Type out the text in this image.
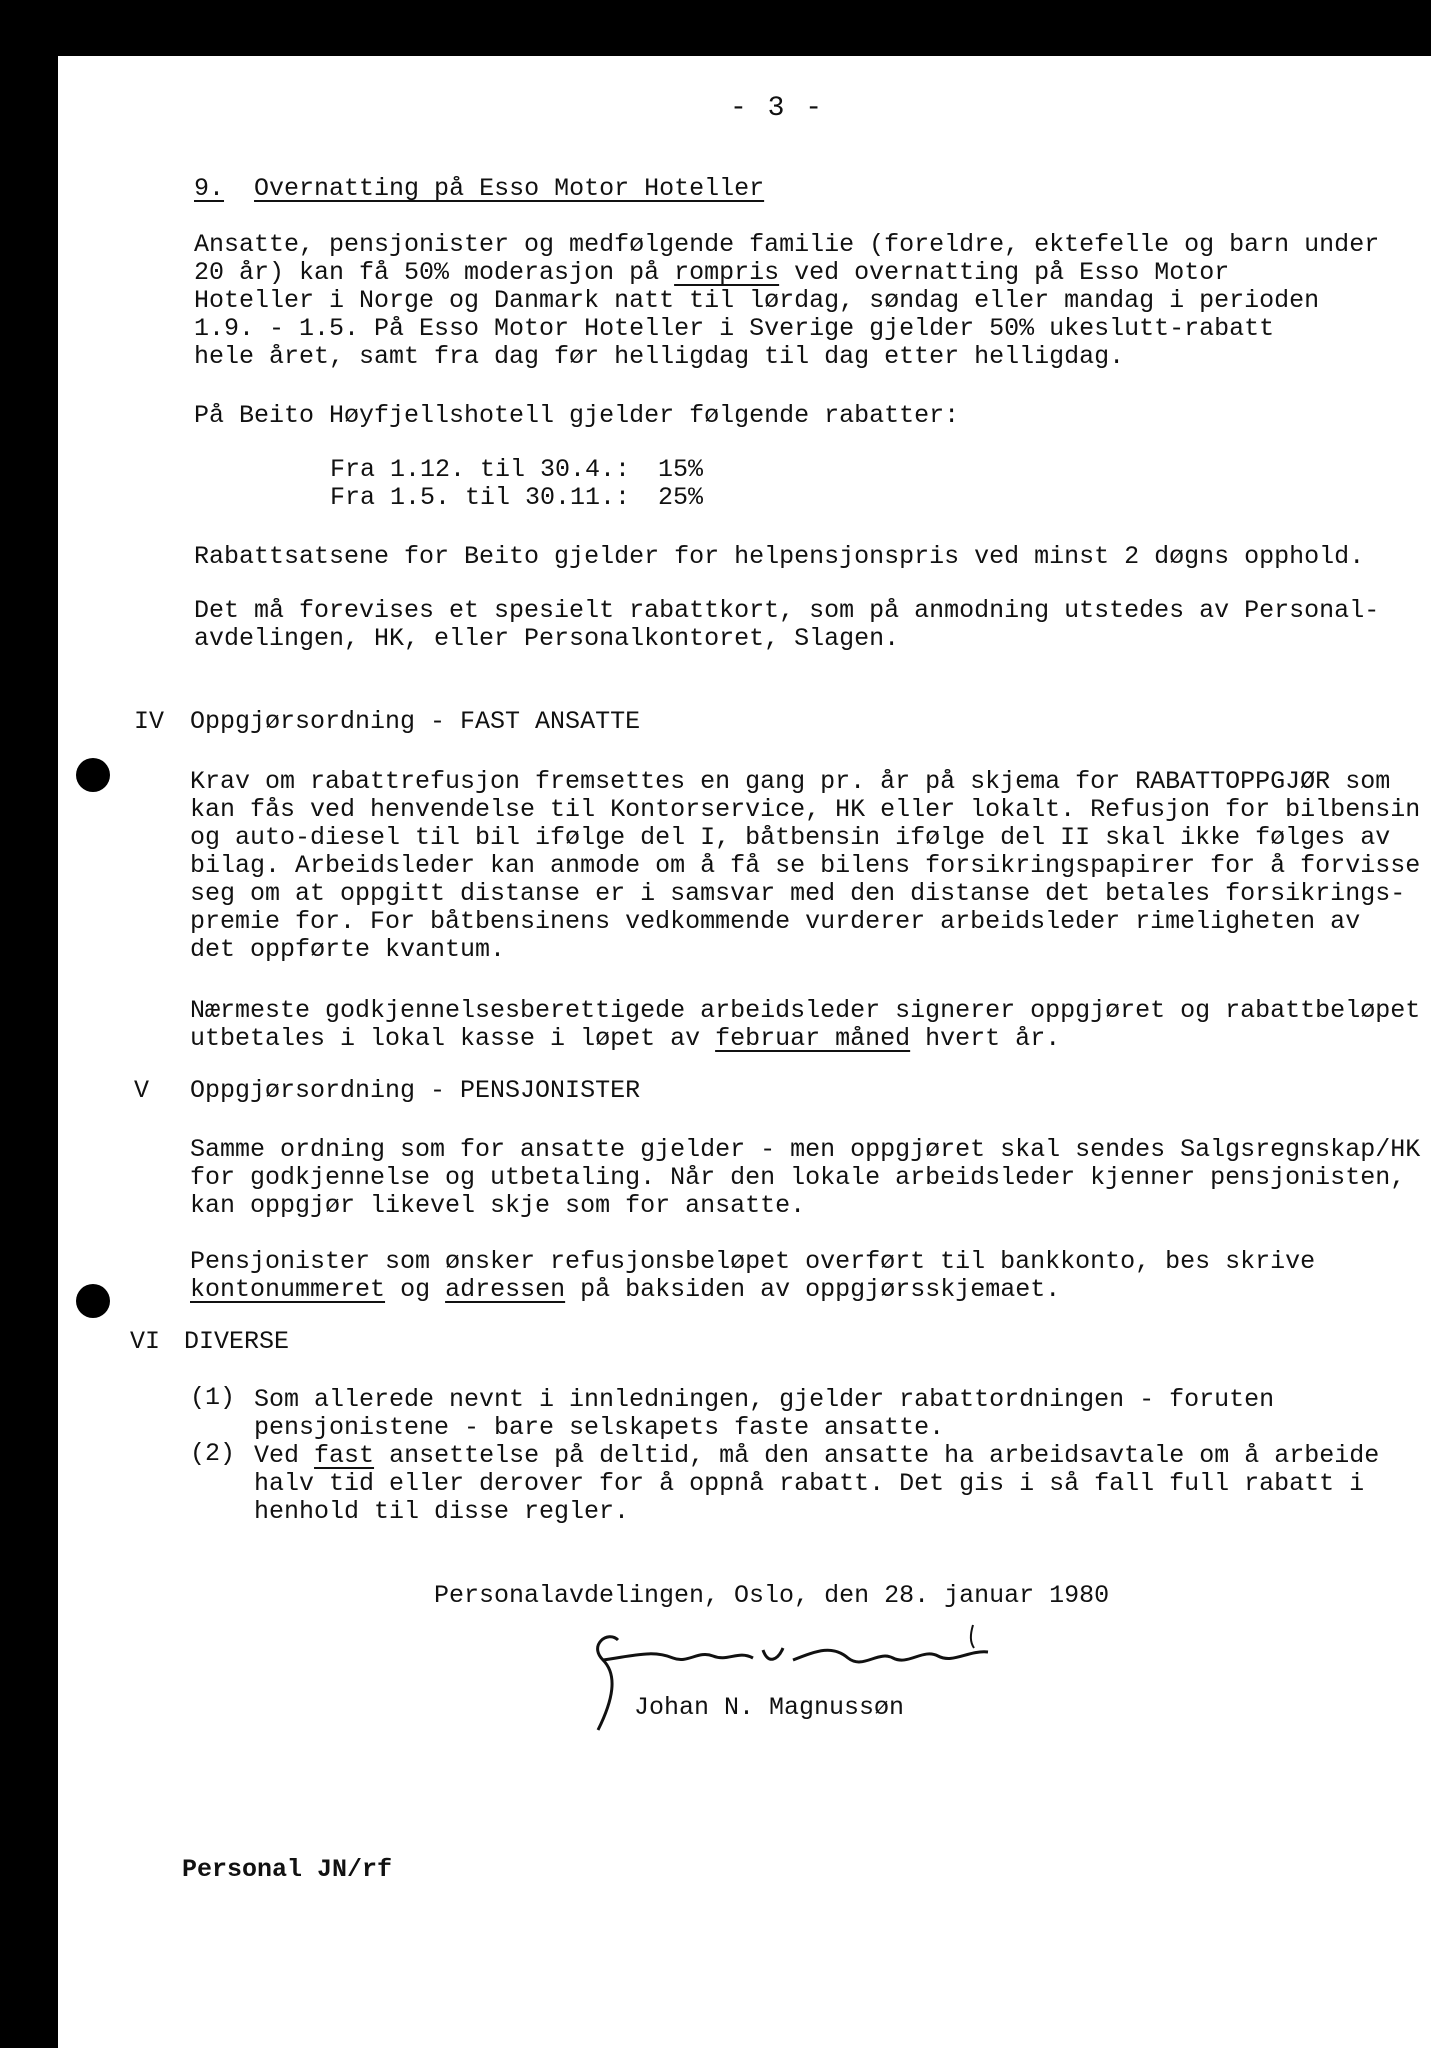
- 3 -
9. Overnatting på Esso Motor Hoteller
Ansatte, pensjonister og medfølgende familie (foreldre, ektefelle og barn under
20 år) kan få 50% moderasjon på rompris ved overnatting på Esso Motor
Hoteller i Norge og Danmark natt til lørdag, søndag eller mandag i perioden
1.9. - 1.5. På Esso Motor Hoteller i Sverige gjelder 50% ukeslutt-rabatt
hele året, samt fra dag før helligdag til dag etter helligdag.
På Beito Høyfjellshotell gjelder følgende rabatter:
Fra 1.12. til 30.4.: 15%
Fra 1.5. til 30.11.: 25%
Rabattsatsene for Beito gjelder for helpensjonspris ved minst 2 døgns opphold.
Det må forevises et spesielt rabattkort, som på anmodning utstedes av Personal-
avdelingen, HK, eller Personalkontoret, Slagen.
IV Oppgjørsordning - FAST ANSATTE
Krav om rabattrefusjon fremsettes en gang pr. år på skjema for RABATTOPPGJØR som
kan fås ved henvendelse til Kontorservice, HK eller lokalt. Refusjon for bilbensin
og auto-diesel til bil ifølge del I, båtbensin ifølge del II skal ikke følges av
bilag. Arbeidsleder kan anmode om å få se bilens forsikringspapirer for å forvisse
seg om at oppgitt distanse er i samsvar med den distanse det betales forsikrings-
premie for. For båtbensinens vedkommende vurderer arbeidsleder rimeligheten av
det oppførte kvantum.
Nærmeste godkjennelsesberettigede arbeidsleder signerer oppgjøret og rabattbeløpet
utbetales i lokal kasse i løpet av februar måned hvert år.
V Oppgjørsordning - PENSJONISTER
Samme ordning som for ansatte gjelder - men oppgjøret skal sendes Salgsregnskap/HK
for godkjennelse og utbetaling. Når den lokale arbeidsleder kjenner pensjonisten,
kan oppgjør likevel skje som for ansatte.
Pensjonister som ønsker refusjonsbeløpet overført til bankkonto, bes skrive
kontonummeret og adressen på baksiden av oppgjørsskjemaet.
VI DIVERSE
(1) Som allerede nevnt i innledningen, gjelder rabattordningen - foruten
pensjonistene - bare selskapets faste ansatte.
(2) Ved fast ansettelse på deltid, må den ansatte ha arbeidsavtale om å arbeide
halv tid eller derover for å oppnå rabatt. Det gis i så fall full rabatt i
henhold til disse regler.
Personalavdelingen, Oslo, den 28. januar 1980
Johan N. Magnussøn
Personal JN/rf
